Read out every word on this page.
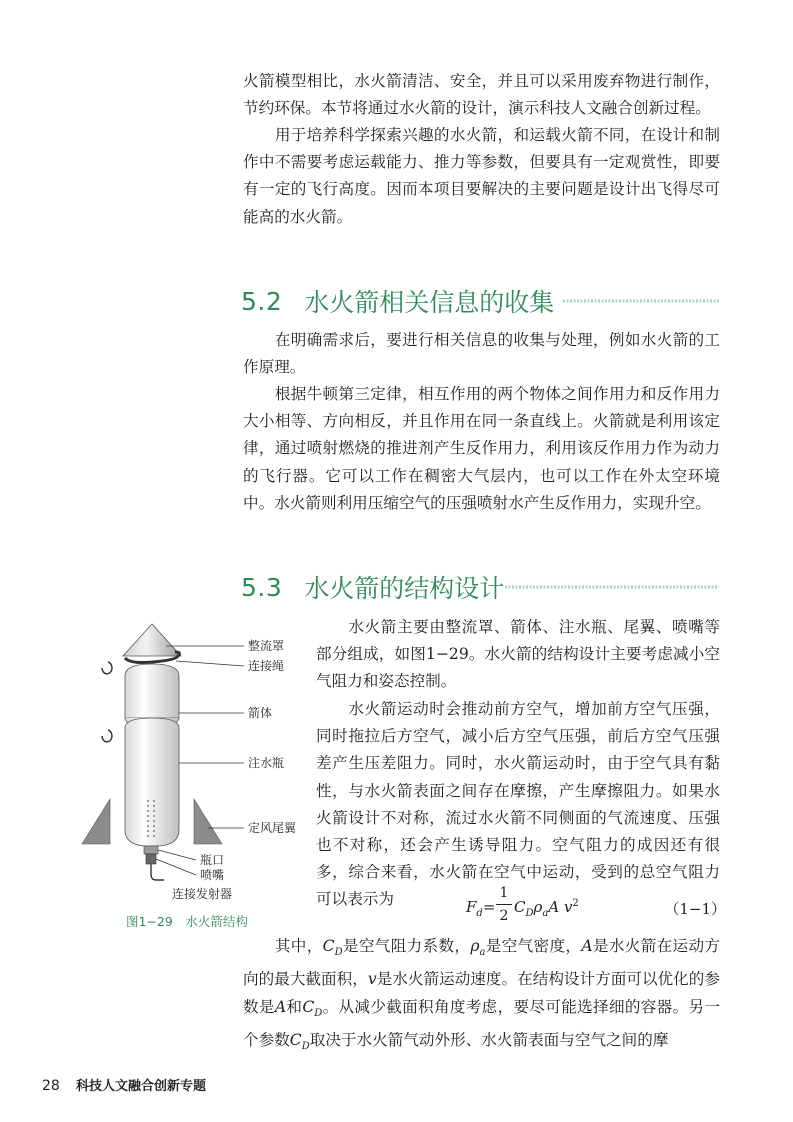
火箭模型相比，水火箭清洁、安全，并且可以采用废弃物进行制作，节约环保。本节将通过水火箭的设计，演示科技人文融合创新过程。

　　用于培养科学探索兴趣的水火箭，和运载火箭不同，在设计和制作中不需要考虑运载能力、推力等参数，但要具有一定观赏性，即要有一定的飞行高度。因而本项目要解决的主要问题是设计出飞得尽可能高的水火箭。

5.2 水火箭相关信息的收集

　　在明确需求后，要进行相关信息的收集与处理，例如水火箭的工作原理。

　　根据牛顿第三定律，相互作用的两个物体之间作用力和反作用力大小相等、方向相反，并且作用在同一条直线上。火箭就是利用该定律，通过喷射燃烧的推进剂产生反作用力，利用该反作用力作为动力的飞行器。它可以工作在稠密大气层内，也可以工作在外太空环境中。水火箭则利用压缩空气的压强喷射水产生反作用力，实现升空。

5.3 水火箭的结构设计
整流罩
连接绳
箭体
注水瓶
定风尾翼
瓶口
喷嘴
连接发射器
图1−29　水火箭结构

　　水火箭主要由整流罩、箭体、注水瓶、尾翼、喷嘴等部分组成，如图1−29。水火箭的结构设计主要考虑减小空气阻力和姿态控制。

　　水火箭运动时会推动前方空气，增加前方空气压强，同时拖拉后方空气，减小后方空气压强，前后方空气压强差产生压差阻力。同时，水火箭运动时，由于空气具有黏性，与水火箭表面之间存在摩擦，产生摩擦阻力。如果水火箭设计不对称，流过水火箭不同侧面的气流速度、压强也不对称，还会产生诱导阻力。空气阻力的成因还有很多，综合来看，水火箭在空气中运动，受到的总空气阻力可以表示为	$F_d=$
1
2 $C_D\rho_aA$ $v^2$	（1−1）

　　其中，$C_D$是空气阻力系数，$\rho_a$是空气密度，A是水火箭在运动方向的最大截面积，v是水火箭运动速度。在结构设计方面可以优化的参数是A和$C_D$。从减少截面积角度考虑，要尽可能选择细的容器。另一个参数$C_D$取决于水火箭气动外形、水火箭表面与空气之间的摩

28 科技人文融合创新专题
